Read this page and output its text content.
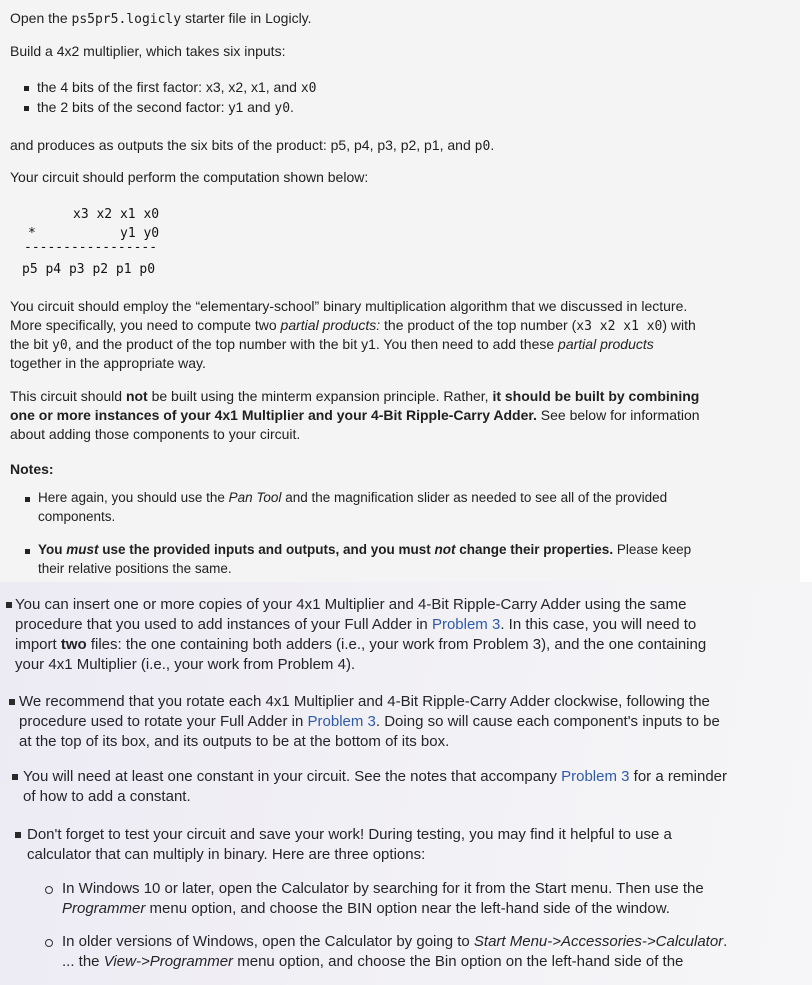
Open the ps5pr5.logicly starter file in Logicly.
Build a 4x2 multiplier, which takes six inputs:
the 4 bits of the first factor: x3, x2, x1, and x0
the 2 bits of the second factor: y1 and y0.
and produces as outputs the six bits of the product: p5, p4, p3, p2, p1, and p0.
Your circuit should perform the computation shown below:
x3 x2 x1 x0
*	y1 y0
-----------------
p5 p4 p3 p2 p1 p0
You circuit should employ the “elementary-school” binary multiplication algorithm that we discussed in lecture.
More specifically, you need to compute two partial products: the product of the top number (x3 x2 x1 x0) with
the bit y0, and the product of the top number with the bit y1. You then need to add these partial products
together in the appropriate way.
This circuit should not be built using the minterm expansion principle. Rather, it should be built by combining
one or more instances of your 4x1 Multiplier and your 4-Bit Ripple-Carry Adder. See below for information
about adding those components to your circuit.
Notes:
Here again, you should use the Pan Tool and the magnification slider as needed to see all of the provided
components.
You must use the provided inputs and outputs, and you must not change their properties. Please keep
their relative positions the same.
You can insert one or more copies of your 4x1 Multiplier and 4-Bit Ripple-Carry Adder using the same
procedure that you used to add instances of your Full Adder in Problem 3. In this case, you will need to
import two files: the one containing both adders (i.e., your work from Problem 3), and the one containing
your 4x1 Multiplier (i.e., your work from Problem 4).
We recommend that you rotate each 4x1 Multiplier and 4-Bit Ripple-Carry Adder clockwise, following the
procedure used to rotate your Full Adder in Problem 3. Doing so will cause each component's inputs to be
at the top of its box, and its outputs to be at the bottom of its box.
You will need at least one constant in your circuit. See the notes that accompany Problem 3 for a reminder
of how to add a constant.
Don't forget to test your circuit and save your work! During testing, you may find it helpful to use a
calculator that can multiply in binary. Here are three options:
In Windows 10 or later, open the Calculator by searching for it from the Start menu. Then use the
Programmer menu option, and choose the BIN option near the left-hand side of the window.
In older versions of Windows, open the Calculator by going to Start Menu->Accessories->Calculator.
... the View->Programmer menu option, and choose the Bin option on the left-hand side of the
